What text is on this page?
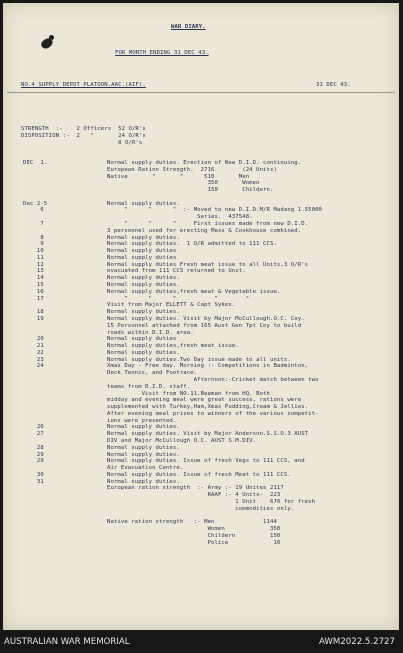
WAR DIARY.
FOR MONTH ENDING 31 DEC 43.
NO.4 SUPPLY DEPOT PLATOON.AAC.(AIF).	31 DEC 43.
STRENGTH  :-    2 Officers  52 O/R's
DISPOSITION :-  2   "       24 O/R's
8 O/R's
DEC  1.	Normal supply duties. Erection of New D.I.D. continuing.
European Ration Strength.  2716        (24 Units)
Native       "       "      510       Men
350       Women
150       Childern.
Dec 2-5	Normal supply duties.
6	"      "      "  :- Moved to new D.I.D.M/R Madang 1.S5000
Series.  437548.
7	"      "      "     First issues made from new D.I.D.
3 personnel used for erecting Mess & Cookhouse combined.
8	Normal supply duties.
9	Normal supply duties.  1 O/R admitted to 111 CCS.
10	Normal supply duties
11	Normal supply duties
12	Normal supply duties Fresh meat issue to all Units,3 O/R's
13	evacuated from 111 CCS returned to Unit.
14	Normal supply duties.
15	Normal supply duties.
16	Normal supply duties,fresh meat & Vegetable issue.
17	"      "      "           "        "
Visit from Major ELLETT & Capt Sykes.
18	Normal supply duties.
19	Normal supply duties. Visit by Major McCullough.O.C. Coy.
15 Personnel attached from 165 Aust Gen Tpt Coy to build
roads within D.I.D. area.
20	Normal supply duties
21	Normal supply duties,fresh meat issue.
22	Normal supply duties.
23	Normal supply duties.Two Day issue made to all units.
24	Xmas Day - Free day. Morning :- Competitions in Badminton,
Deck Tennis, and Footrace.
Afternoon:-Cricket match between two
teams from D.I.D. staff.
Visit from NO.11.Beeman from HQ. Both
midday and evening meal were great success, rations were
supplemented with Turkey,Ham,Xmas Pudding,Cream & Jellies.
After evening meal prizes to winners of the various competit-
ions were presented.
26	Normal supply duties.
27	Normal supply duties. Visit by Major Anderson.S.S.O.3 AUST
DIV and Major McCullough O.C. AUST S.M.DIV.
28	Normal supply duties.
29	Normal supply duties.
29	Normal supply duties. Issue of fresh Vegs to 111 CCS, and
Air Evacuation Centre.
30	Normal supply duties. Issue of fresh Meat to 111 CCS.
31	Normal supply duties.
European ration strength  :- Army :- 19 Unites 2117
RAAF :- 4 Units-  223
1 Unit    670 for fresh
commodities only.
Native ration strength   :- Men              1144
Women             350
Childern          150
Police             10
AUSTRALIAN WAR MEMORIAL	AWM2022.5.2727
